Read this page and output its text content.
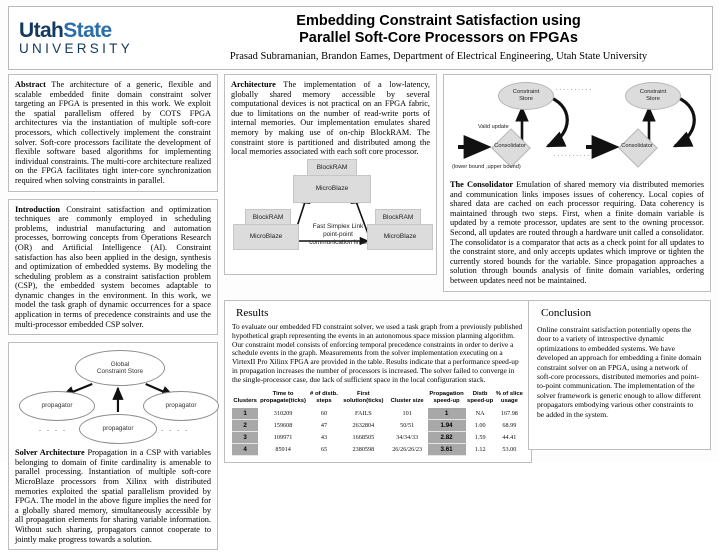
UtahState
UNIVERSITY
Embedding Constraint Satisfaction using
Parallel Soft-Core Processors on FPGAs
Prasad Subramanian, Brandon Eames, Department of Electrical Engineering, Utah State University
Abstract The architecture of a generic, flexible and scalable embedded finite domain constraint solver targeting an FPGA is presented in this work. We exploit the spatial parallelism offered by COTS FPGA architectures via the instantiation of multiple soft-core processors, which collectively implement the constraint solver. Soft-core processors facilitate the development of flexible software based algorithms for implementing individual constraints. The multi-core architecture realized on the FPGA facilitates tight inter-core synchronization required when solving constraints in parallel.
Introduction Constraint satisfaction and optimization techniques are commonly employed in scheduling problems, industrial manufacturing and automation processes, borrowing concepts from Operations Research (OR) and Artificial Intelligence (AI). Constraint satisfaction has also been applied in the design, synthesis and optimization of embedded systems. By modeling the scheduling problem as a constraint satisfaction problem (CSP), the embedded system becomes adaptable to dynamic changes in the environment. In this work, we model the task graph of dynamic occurrences for a space application in terms of precedence constraints and use the multi-processor embedded CSP solver.
Global
Constraint Store
propagator	propagator
propagator
. . . .	. . . .
Solver Architecture Propagation in a CSP with variables belonging to domain of finite cardinality is amenable to parallel processing. Instantiation of multiple soft-core MicroBlaze processors from Xilinx with distributed memories exploited the spatial parallelism provided by FPGA. The model in the above figure implies the need for a globally shared memory, simultaneously accessible by all propagation elements for sharing variable information. Without such sharing, propagators cannot cooperate to jointly make progress towards a solution.
Architecture The implementation of a low-latency, globally shared memory accessible by several computational devices is not practical on an FPGA fabric, due to limitations on the number of read-write ports of internal memories. Our implementation emulates shared memory by making use of on-chip BlockRAM. The constraint store is partitioned and distributed among the local memories associated with each soft core processor.
BlockRAM
MicroBlaze
BlockRAM
MicroBlaze
BlockRAM
MicroBlaze
Fast Simplex Link
point-point
communication links
Constraint
Store
Constraint
Store
Consolidator	Consolidator
Valid update
(lower bound ,upper bound)
. . . . . . . . . .
. . . . . . . . . .
The Consolidator Emulation of shared memory via distributed memories and communication links imposes issues of coherency. Local copies of shared data are cached on each processor requiring. Data coherency is maintained through two steps. First, when a finite domain variable is updated by a remote processor, updates are sent to the owning processor. Second, all updates are routed through a hardware unit called a consolidator. The consolidator is a comparator that acts as a check point for all updates to the constraint store, and only accepts updates which improve or tighten the currently stored bounds for the variable. Since propagation approaches a solution through bounds analysis of finite domain variables, ordering between updates need not be maintained.
Results
To evaluate our embedded FD constraint solver, we used a task graph from a previously published hypothetical graph representing the events in an autonomous space mission planning algorithm. Our constraint model consists of enforcing temporal precedence constraints in order to derive a schedule events in the graph. Measurements from the solver implementation executing on a VirtexII Pro Xilinx FPGA are provided in the table. Results indicate that a performance speed-up in propagation increases the number of processors is increased. The solver failed to converge in the single-processor case, due lack of sufficient space in the local configuration stack.
Clusters	Time to propagate(ticks)	# of distb. steps	First solution(ticks)	Cluster size	Propagation speed-up	Distb speed-up	% of slice usage
1	310209	60	FAILS	101	1	NA	167.98
2	159608	47	2632804	50/51	1.94	1.00	68.99
3	109971	43	1668505	34/34/33	2.82	1.59	44.41
4	85914	65	2380598	26/26/26/23	3.61	1.12	53.00
Conclusion
Online constraint satisfaction potentially opens the door to a variety of introspective dynamic optimizations to embedded systems. We have developed an approach for embedding a finite domain constraint solver on an FPGA, using a network of soft-core processors, distributed memories and point-to-point communication. The implementation of the solver framework is generic enough to allow different propagators embodying various other constraints to be added in the system.
